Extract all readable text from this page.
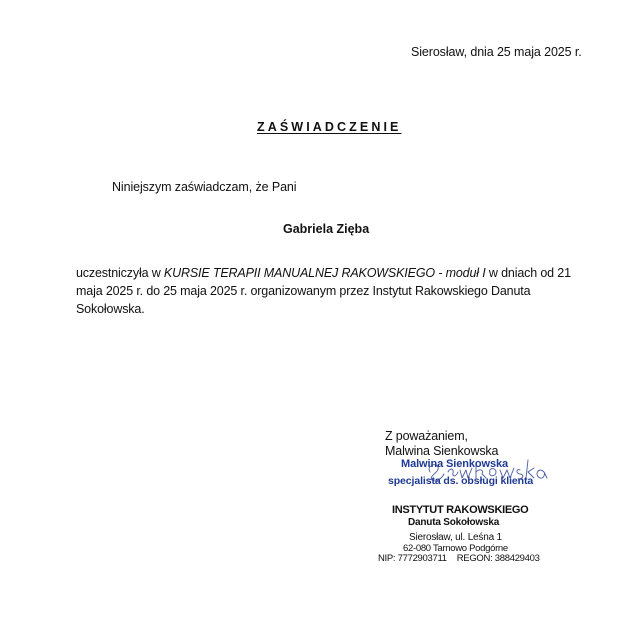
Sierosław, dnia 25 maja 2025 r.
ZAŚWIADCZENIE
Niniejszym zaświadczam, że Pani
Gabriela Zięba
uczestniczyła w KURSIE TERAPII MANUALNEJ RAKOWSKIEGO - moduł I w dniach od 21 maja 2025 r. do 25 maja 2025 r. organizowanym przez Instytut Rakowskiego Danuta Sokołowska.
Z poważaniem,
Malwina Sienkowska
Malwina Sienkowska
specjalista ds. obsługi klienta
INSTYTUT RAKOWSKIEGO
Danuta Sokołowska
Sierosław, ul. Leśna 1
62-080 Tarnowo Podgórne
NIP: 7772903711 REGON: 388429403
